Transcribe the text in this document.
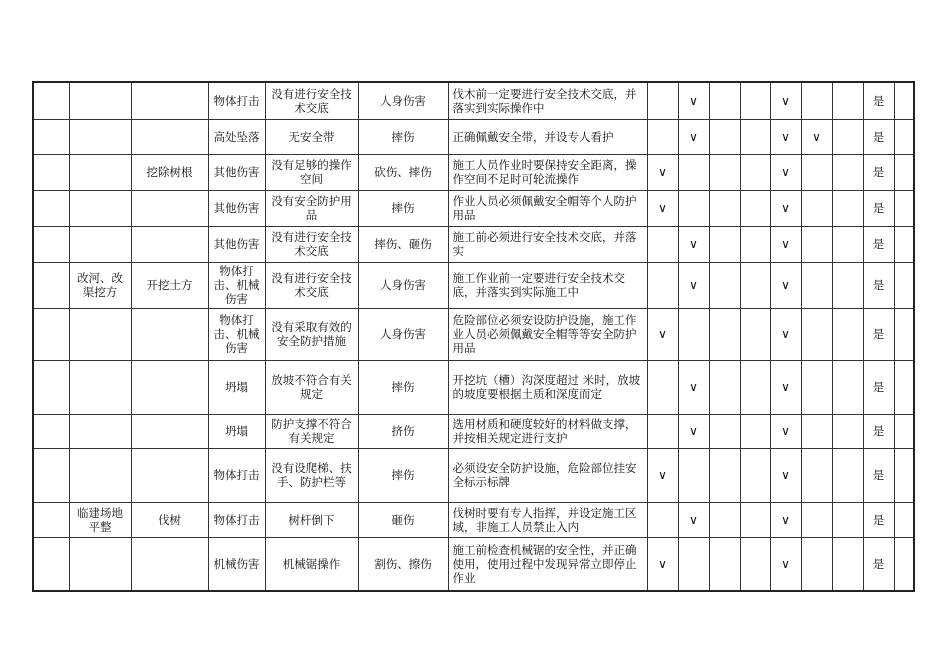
			物体打击	没有进行安全技术交底	人身伤害	伐木前一定要进行安全技术交底，并落实到实际操作中		∨			∨			是	
			高处坠落	无安全带	摔伤	正确佩戴安全带，并设专人看护		∨			∨	∨		是	
		挖除树根	其他伤害	没有足够的操作空间	砍伤、摔伤	施工人员作业时要保持安全距离，操作空间不足时可轮流操作	∨				∨			是	
			其他伤害	没有安全防护用品	摔伤	作业人员必须佩戴安全帽等个人防护用品	∨				∨			是	
			其他伤害	没有进行安全技术交底	摔伤、砸伤	施工前必须进行安全技术交底，并落实		∨			∨			是	
	改河、改渠挖方	开挖土方	物体打击、机械伤害	没有进行安全技术交底	人身伤害	施工作业前一定要进行安全技术交底，并落实到实际施工中		∨			∨			是	
			物体打击、机械伤害	没有采取有效的安全防护措施	人身伤害	危险部位必须安设防护设施，施工作业人员必须佩戴安全帽等等安全防护用品	∨				∨			是	
			坍塌	放坡不符合有关规定	摔伤	开挖坑（槽）沟深度超过 米时，放坡的坡度要根据土质和深度而定		∨			∨			是	
			坍塌	防护支撑不符合有关规定	挤伤	选用材质和硬度较好的材料做支撑，并按相关规定进行支护		∨			∨			是	
			物体打击	没有设爬梯、扶手、防护栏等	摔伤	必须设安全防护设施，危险部位挂安全标示标牌	∨				∨			是	
	临建场地平整	伐树	物体打击	树杆倒下	砸伤	伐树时要有专人指挥，并设定施工区域，非施工人员禁止入内		∨			∨			是	
			机械伤害	机械锯操作	割伤、擦伤	施工前检查机械锯的安全性，并正确使用，使用过程中发现异常立即停止作业	∨				∨			是	
